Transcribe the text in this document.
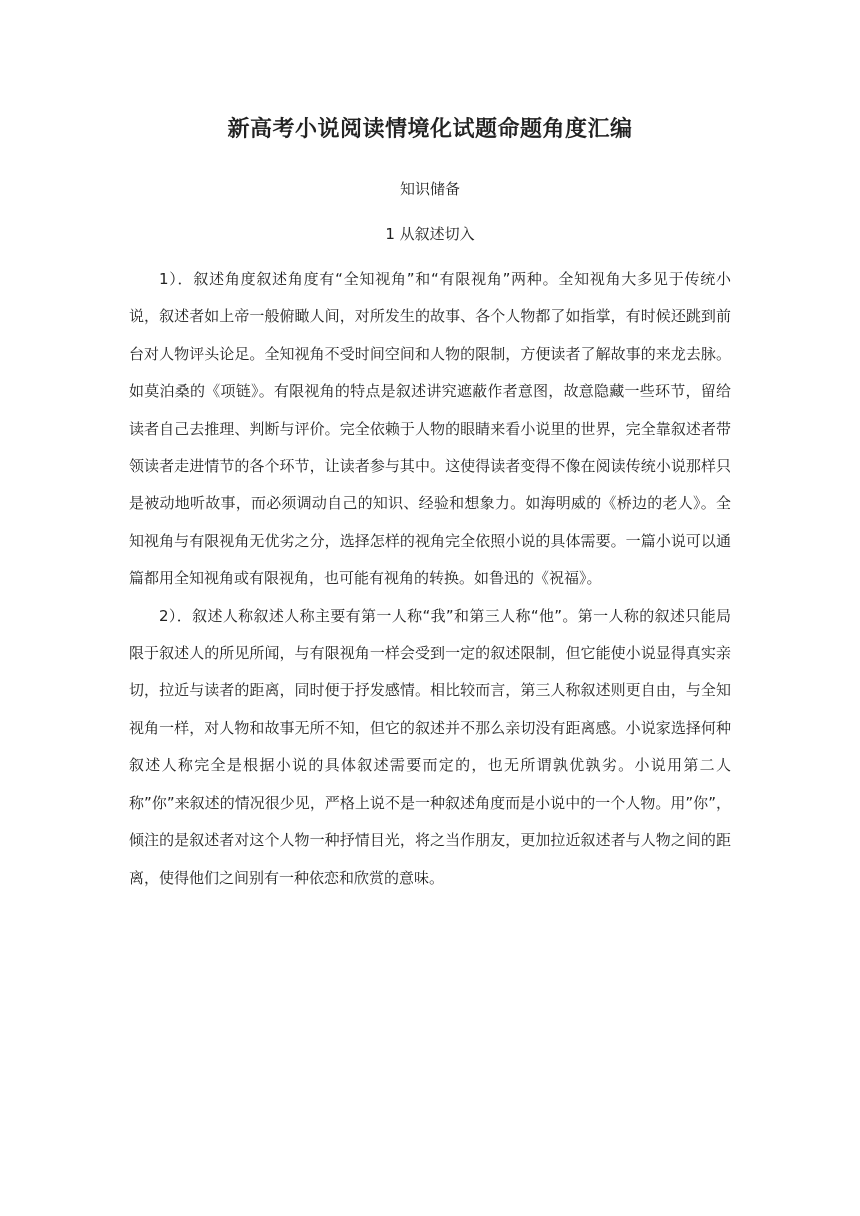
新高考小说阅读情境化试题命题角度汇编
知识储备
1 从叙述切入

1）．叙述角度叙述角度有“全知视角”和“有限视角”两种。全知视角大多见于传统小说，叙述者如上帝一般俯瞰人间，对所发生的故事、各个人物都了如指掌，有时候还跳到前台对人物评头论足。全知视角不受时间空间和人物的限制，方便读者了解故事的来龙去脉。如莫泊桑的《项链》。有限视角的特点是叙述讲究遮蔽作者意图，故意隐藏一些环节，留给读者自己去推理、判断与评价。完全依赖于人物的眼睛来看小说里的世界，完全靠叙述者带领读者走进情节的各个环节，让读者参与其中。这使得读者变得不像在阅读传统小说那样只是被动地听故事，而必须调动自己的知识、经验和想象力。如海明威的《桥边的老人》。全知视角与有限视角无优劣之分，选择怎样的视角完全依照小说的具体需要。一篇小说可以通篇都用全知视角或有限视角，也可能有视角的转换。如鲁迅的《祝福》。

2）．叙述人称叙述人称主要有第一人称“我”和第三人称“他”。第一人称的叙述只能局限于叙述人的所见所闻，与有限视角一样会受到一定的叙述限制，但它能使小说显得真实亲切，拉近与读者的距离，同时便于抒发感情。相比较而言，第三人称叙述则更自由，与全知视角一样，对人物和故事无所不知，但它的叙述并不那么亲切没有距离感。小说家选择何种叙述人称完全是根据小说的具体叙述需要而定的，也无所谓孰优孰劣。小说用第二人称”你”来叙述的情况很少见，严格上说不是一种叙述角度而是小说中的一个人物。用”你”，倾注的是叙述者对这个人物一种抒情目光，将之当作朋友，更加拉近叙述者与人物之间的距离，使得他们之间别有一种依恋和欣赏的意味。
